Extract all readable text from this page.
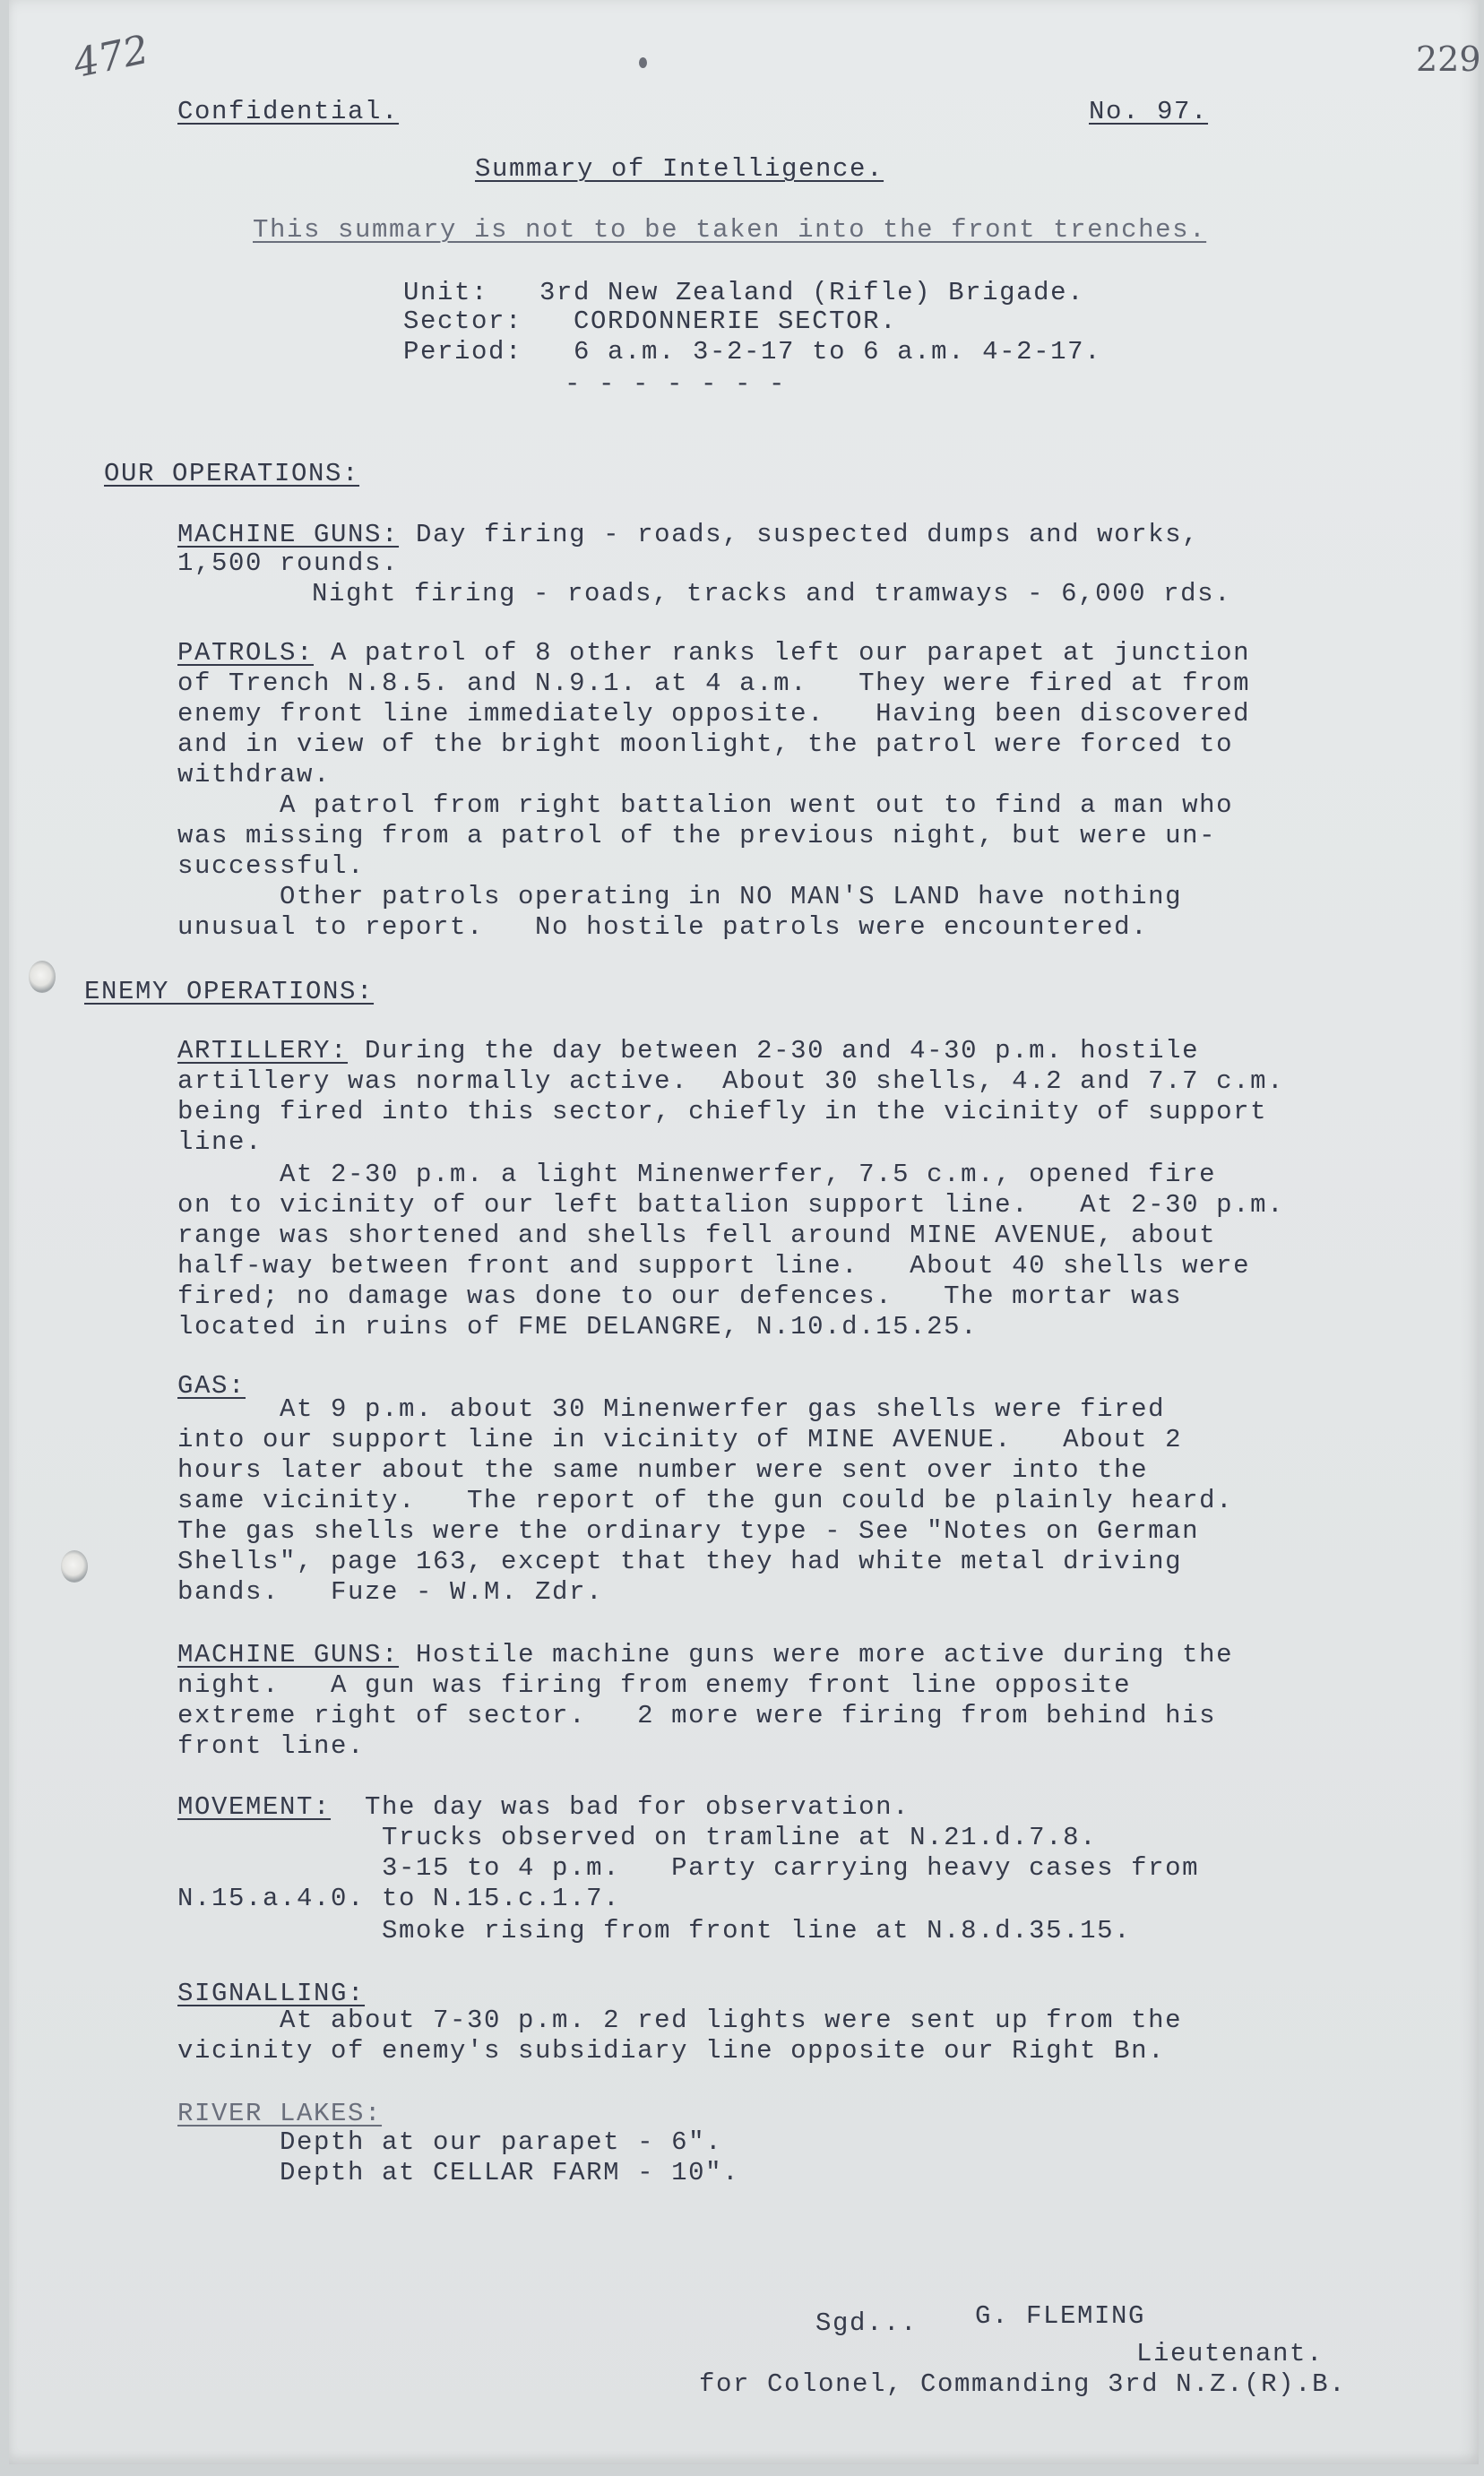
472	229
Confidential.	No. 97.
Summary of Intelligence.
This summary is not to be taken into the front trenches.
Unit:   3rd New Zealand (Rifle) Brigade.
Sector:   CORDONNERIE SECTOR.
Period:   6 a.m. 3-2-17 to 6 a.m. 4-2-17.
- - - - - - -
OUR OPERATIONS:
MACHINE GUNS: Day firing - roads, suspected dumps and works,
1,500 rounds.
Night firing - roads, tracks and tramways - 6,000 rds.
PATROLS: A patrol of 8 other ranks left our parapet at junction
of Trench N.8.5. and N.9.1. at 4 a.m.   They were fired at from
enemy front line immediately opposite.   Having been discovered
and in view of the bright moonlight, the patrol were forced to
withdraw.
A patrol from right battalion went out to find a man who
was missing from a patrol of the previous night, but were un-
successful.
Other patrols operating in NO MAN'S LAND have nothing
unusual to report.   No hostile patrols were encountered.
ENEMY OPERATIONS:
ARTILLERY: During the day between 2-30 and 4-30 p.m. hostile
artillery was normally active.  About 30 shells, 4.2 and 7.7 c.m.
being fired into this sector, chiefly in the vicinity of support
line.
At 2-30 p.m. a light Minenwerfer, 7.5 c.m., opened fire
on to vicinity of our left battalion support line.   At 2-30 p.m.
range was shortened and shells fell around MINE AVENUE, about
half-way between front and support line.   About 40 shells were
fired; no damage was done to our defences.   The mortar was
located in ruins of FME DELANGRE, N.10.d.15.25.
GAS:
At 9 p.m. about 30 Minenwerfer gas shells were fired
into our support line in vicinity of MINE AVENUE.   About 2
hours later about the same number were sent over into the
same vicinity.   The report of the gun could be plainly heard.
The gas shells were the ordinary type - See "Notes on German
Shells", page 163, except that they had white metal driving
bands.   Fuze - W.M. Zdr.
MACHINE GUNS: Hostile machine guns were more active during the
night.   A gun was firing from enemy front line opposite
extreme right of sector.   2 more were firing from behind his
front line.
MOVEMENT:  The day was bad for observation.
Trucks observed on tramline at N.21.d.7.8.
3-15 to 4 p.m.   Party carrying heavy cases from
N.15.a.4.0. to N.15.c.1.7.
Smoke rising from front line at N.8.d.35.15.
SIGNALLING:
At about 7-30 p.m. 2 red lights were sent up from the
vicinity of enemy's subsidiary line opposite our Right Bn.
RIVER LAKES:
Depth at our parapet - 6".
Depth at CELLAR FARM - 10".
Sgd... G. FLEMING
Lieutenant.
for Colonel, Commanding 3rd N.Z.(R).B.
